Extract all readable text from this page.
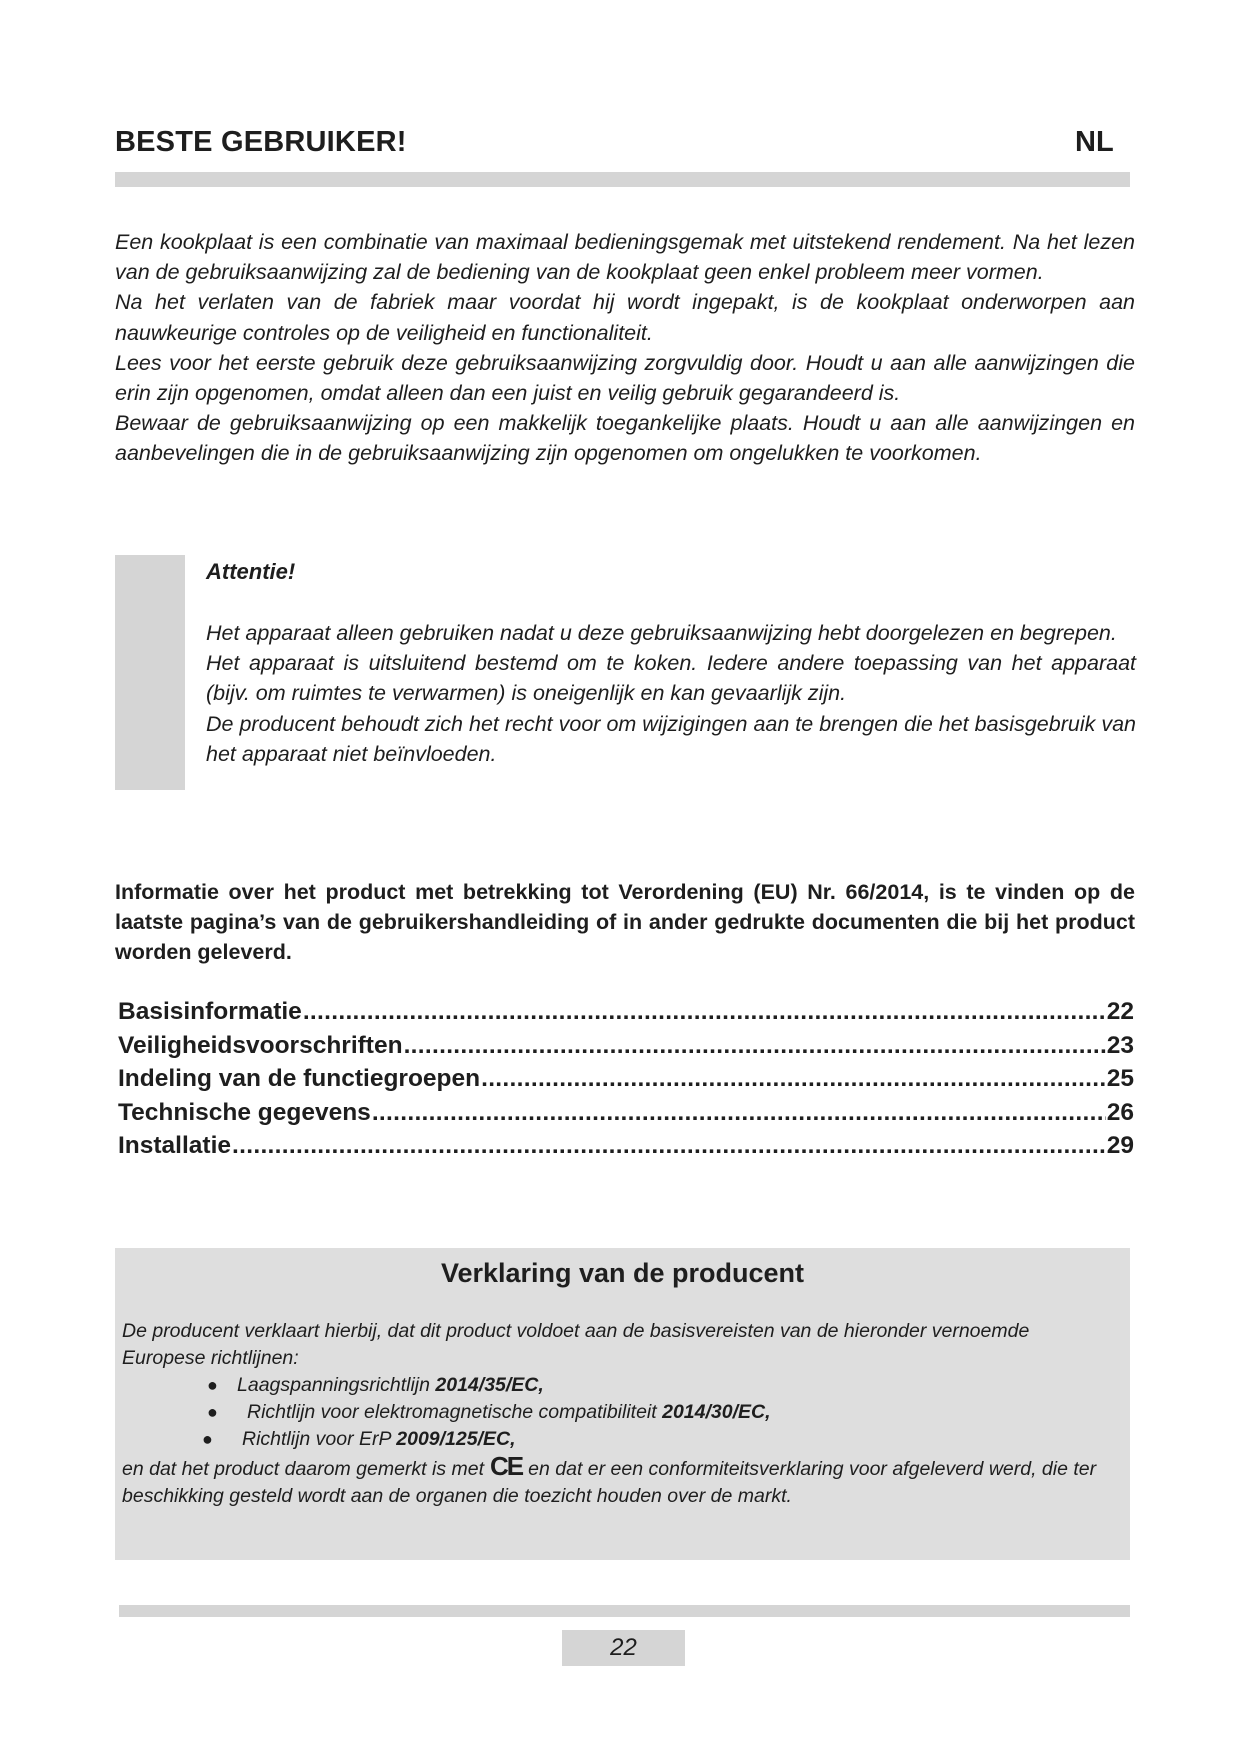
BESTE GEBRUIKER!	NL

Een kookplaat is een combinatie van maximaal bedieningsgemak met uitstekend rendement. Na het lezen van de gebruiksaanwijzing zal de bediening van de kookplaat geen enkel probleem meer vormen.

Na het verlaten van de fabriek maar voordat hij wordt ingepakt, is de kookplaat onderworpen aan nauwkeurige controles op de veiligheid en functionaliteit.

Lees voor het eerste gebruik deze gebruiksaanwijzing zorgvuldig door. Houdt u aan alle aanwijzingen die erin zijn opgenomen, omdat alleen dan een juist en veilig gebruik gegarandeerd is.

Bewaar de gebruiksaanwijzing op een makkelijk toegankelijke plaats. Houdt u aan alle aanwijzingen en aanbevelingen die in de gebruiksaanwijzing zijn opgenomen om ongelukken te voorkomen.

Attentie!

Het apparaat alleen gebruiken nadat u deze gebruiksaanwijzing hebt doorgelezen en begrepen.

Het apparaat is uitsluitend bestemd om te koken. Iedere andere toepassing van het apparaat (bijv. om ruimtes te verwarmen) is oneigenlijk en kan gevaarlijk zijn.

De producent behoudt zich het recht voor om wijzigingen aan te brengen die het basisgebruik van het apparaat niet beïnvloeden.

Informatie over het product met betrekking tot Verordening (EU) Nr. 66/2014, is te vinden op de laatste pagina’s van de gebruikershandleiding of in ander gedrukte documenten die bij het product worden geleverd.
Basisinformatie .....	22
Veiligheidsvoorschriften .....	23
Indeling van de functiegroepen .....	25
Technische gegevens .....	26
Installatie .....	29
Verklaring van de producent

De producent verklaart hierbij, dat dit product voldoet aan de basisvereisten van de hieronder vernoemde Europese richtlijnen:

● Laagspanningsrichtlijn 2014/35/EC,
●	Richtlijn voor elektromagnetische compatibiliteit 2014/30/EC,
●	Richtlijn voor ErP 2009/125/EC,

en dat het product daarom gemerkt is met CE en dat er een conformiteitsverklaring voor afgeleverd werd, die ter beschikking gesteld wordt aan de organen die toezicht houden over de markt.

22
